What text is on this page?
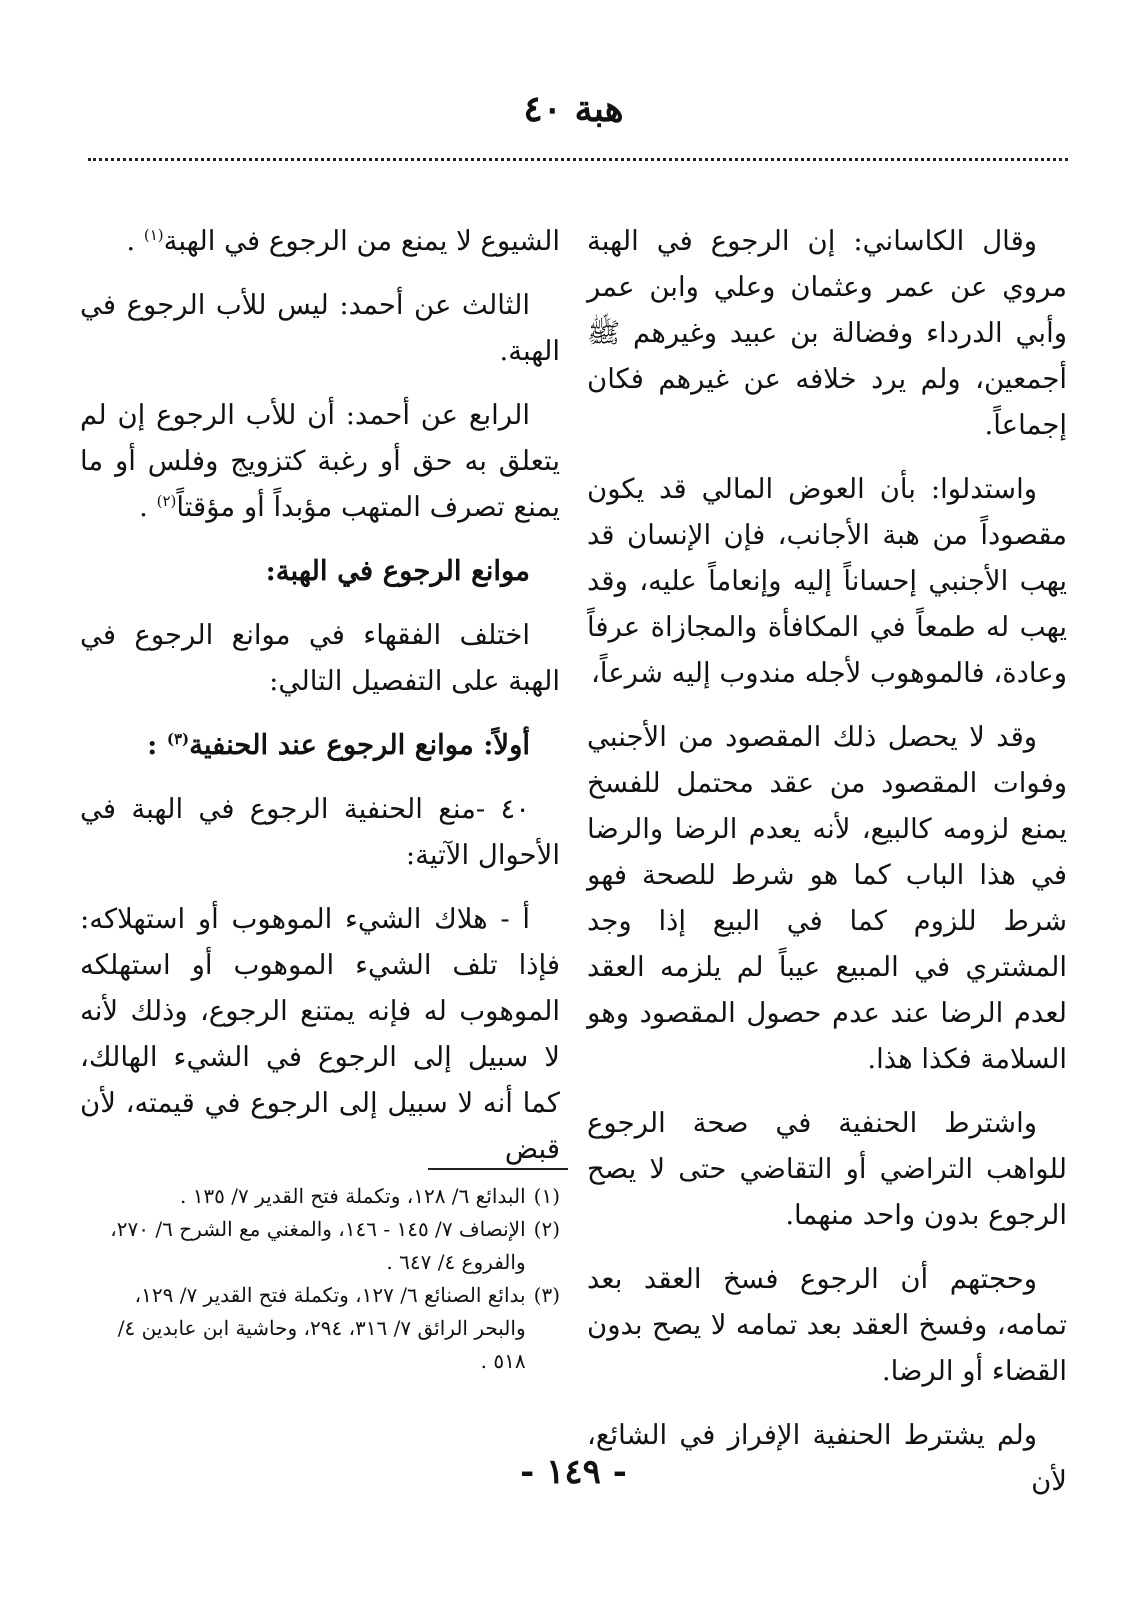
هبة ٤٠

وقال الكاساني: إن الرجوع في الهبة مروي عن عمر وعثمان وعلي وابن عمر وأبي الدرداء وفضالة بن عبيد وغيرهم ﷺ أجمعين، ولم يرد خلافه عن غيرهم فكان إجماعاً.

واستدلوا: بأن العوض المالي قد يكون مقصوداً من هبة الأجانب، فإن الإنسان قد يهب الأجنبي إحساناً إليه وإنعاماً عليه، وقد يهب له طمعاً في المكافأة والمجازاة عرفاً وعادة، فالموهوب لأجله مندوب إليه شرعاً،

وقد لا يحصل ذلك المقصود من الأجنبي وفوات المقصود من عقد محتمل للفسخ يمنع لزومه كالبيع، لأنه يعدم الرضا والرضا في هذا الباب كما هو شرط للصحة فهو شرط للزوم كما في البيع إذا وجد المشتري في المبيع عيباً لم يلزمه العقد لعدم الرضا عند عدم حصول المقصود وهو السلامة فكذا هذا.

واشترط الحنفية في صحة الرجوع للواهب التراضي أو التقاضي حتى لا يصح الرجوع بدون واحد منهما.

وحجتهم أن الرجوع فسخ العقد بعد تمامه، وفسخ العقد بعد تمامه لا يصح بدون القضاء أو الرضا.

ولم يشترط الحنفية الإفراز في الشائع، لأن

الشيوع لا يمنع من الرجوع في الهبة$^{(١)}$ .

الثالث عن أحمد: ليس للأب الرجوع في الهبة.

الرابع عن أحمد: أن للأب الرجوع إن لم يتعلق به حق أو رغبة كتزويج وفلس أو ما يمنع تصرف المتهب مؤبداً أو مؤقتاً$^{(٢)}$ .

موانع الرجوع في الهبة:

اختلف الفقهاء في موانع الرجوع في الهبة على التفصيل التالي:

أولاً: موانع الرجوع عند الحنفية$^{(٣)}$ :

٤٠ -منع الحنفية الرجوع في الهبة في الأحوال الآتية:

أ - هلاك الشيء الموهوب أو استهلاكه: فإذا تلف الشيء الموهوب أو استهلكه الموهوب له فإنه يمتنع الرجوع، وذلك لأنه لا سبيل إلى الرجوع في الشيء الهالك، كما أنه لا سبيل إلى الرجوع في قيمته، لأن قبض

(١)
البدائع ٦/ ١٢٨، وتكملة فتح القدير ٧/ ١٣٥ .

(٢)
الإنصاف ٧/ ١٤٥ - ١٤٦، والمغني مع الشرح ٦/ ٢٧٠، والفروع ٤/ ٦٤٧ .

(٣)
بدائع الصنائع ٦/ ١٢٧، وتكملة فتح القدير ٧/ ١٢٩، والبحر الرائق ٧/ ٣١٦، ٢٩٤، وحاشية ابن عابدين ٤/ ٥١٨ .

- ١٤٩ -
